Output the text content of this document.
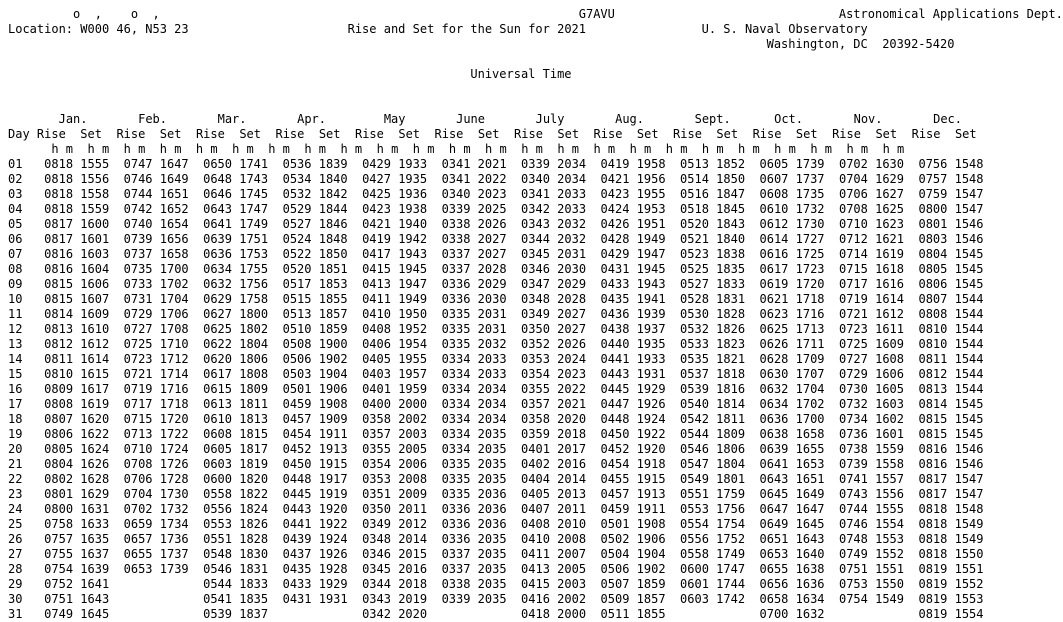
o  ,    o  ,	G7AVU	Astronomical Applications Dept.
Location: W000 46, N53 23	Rise and Set for the Sun for 2021	U. S. Naval Observatory
Washington, DC  20392-5420

Universal Time

Jan.	Feb.	Mar.	Apr.	May	June	July	Aug.	Sept.	Oct.	Nov.	Dec.
Day Rise Set Rise Set Rise Set Rise Set Rise Set Rise Set Rise Set Rise Set Rise Set Rise Set Rise Set Rise Set
h m h m h m h m h m h m h m h m h m h m h m h m h m h m h m h m h m h m h m h m h m h m h m h m
01 0818 1555 0747 1647 0650 1741 0536 1839 0429 1933 0341 2021 0339 2034 0419 1958 0513 1852 0605 1739 0702 1630 0756 1548
02 0818 1556 0746 1649 0648 1743 0534 1840 0427 1935 0341 2022 0340 2034 0421 1956 0514 1850 0607 1737 0704 1629 0757 1548
03 0818 1558 0744 1651 0646 1745 0532 1842 0425 1936 0340 2023 0341 2033 0423 1955 0516 1847 0608 1735 0706 1627 0759 1547
04 0818 1559 0742 1652 0643 1747 0529 1844 0423 1938 0339 2025 0342 2033 0424 1953 0518 1845 0610 1732 0708 1625 0800 1547
05 0817 1600 0740 1654 0641 1749 0527 1846 0421 1940 0338 2026 0343 2032 0426 1951 0520 1843 0612 1730 0710 1623 0801 1546
06 0817 1601 0739 1656 0639 1751 0524 1848 0419 1942 0338 2027 0344 2032 0428 1949 0521 1840 0614 1727 0712 1621 0803 1546
07 0816 1603 0737 1658 0636 1753 0522 1850 0417 1943 0337 2027 0345 2031 0429 1947 0523 1838 0616 1725 0714 1619 0804 1545
08 0816 1604 0735 1700 0634 1755 0520 1851 0415 1945 0337 2028 0346 2030 0431 1945 0525 1835 0617 1723 0715 1618 0805 1545
09 0815 1606 0733 1702 0632 1756 0517 1853 0413 1947 0336 2029 0347 2029 0433 1943 0527 1833 0619 1720 0717 1616 0806 1545
10 0815 1607 0731 1704 0629 1758 0515 1855 0411 1949 0336 2030 0348 2028 0435 1941 0528 1831 0621 1718 0719 1614 0807 1544
11 0814 1609 0729 1706 0627 1800 0513 1857 0410 1950 0335 2031 0349 2027 0436 1939 0530 1828 0623 1716 0721 1612 0808 1544
12 0813 1610 0727 1708 0625 1802 0510 1859 0408 1952 0335 2031 0350 2027 0438 1937 0532 1826 0625 1713 0723 1611 0810 1544
13 0812 1612 0725 1710 0622 1804 0508 1900 0406 1954 0335 2032 0352 2026 0440 1935 0533 1823 0626 1711 0725 1609 0810 1544
14 0811 1614 0723 1712 0620 1806 0506 1902 0405 1955 0334 2033 0353 2024 0441 1933 0535 1821 0628 1709 0727 1608 0811 1544
15 0810 1615 0721 1714 0617 1808 0503 1904 0403 1957 0334 2033 0354 2023 0443 1931 0537 1818 0630 1707 0729 1606 0812 1544
16 0809 1617 0719 1716 0615 1809 0501 1906 0401 1959 0334 2034 0355 2022 0445 1929 0539 1816 0632 1704 0730 1605 0813 1544
17 0808 1619 0717 1718 0613 1811 0459 1908 0400 2000 0334 2034 0357 2021 0447 1926 0540 1814 0634 1702 0732 1603 0814 1545
18 0807 1620 0715 1720 0610 1813 0457 1909 0358 2002 0334 2034 0358 2020 0448 1924 0542 1811 0636 1700 0734 1602 0815 1545
19 0806 1622 0713 1722 0608 1815 0454 1911 0357 2003 0334 2035 0359 2018 0450 1922 0544 1809 0638 1658 0736 1601 0815 1545
20 0805 1624 0710 1724 0605 1817 0452 1913 0355 2005 0334 2035 0401 2017 0452 1920 0546 1806 0639 1655 0738 1559 0816 1546
21 0804 1626 0708 1726 0603 1819 0450 1915 0354 2006 0335 2035 0402 2016 0454 1918 0547 1804 0641 1653 0739 1558 0816 1546
22 0802 1628 0706 1728 0600 1820 0448 1917 0353 2008 0335 2035 0404 2014 0455 1915 0549 1801 0643 1651 0741 1557 0817 1547
23 0801 1629 0704 1730 0558 1822 0445 1919 0351 2009 0335 2036 0405 2013 0457 1913 0551 1759 0645 1649 0743 1556 0817 1547
24 0800 1631 0702 1732 0556 1824 0443 1920 0350 2011 0336 2036 0407 2011 0459 1911 0553 1756 0647 1647 0744 1555 0818 1548
25 0758 1633 0659 1734 0553 1826 0441 1922 0349 2012 0336 2036 0408 2010 0501 1908 0554 1754 0649 1645 0746 1554 0818 1549
26 0757 1635 0657 1736 0551 1828 0439 1924 0348 2014 0336 2035 0410 2008 0502 1906 0556 1752 0651 1643 0748 1553 0818 1549
27 0755 1637 0655 1737 0548 1830 0437 1926 0346 2015 0337 2035 0411 2007 0504 1904 0558 1749 0653 1640 0749 1552 0818 1550
28 0754 1639 0653 1739 0546 1831 0435 1928 0345 2016 0337 2035 0413 2005 0506 1902 0600 1747 0655 1638 0751 1551 0819 1551
29 0752 1641	0544 1833 0433 1929 0344 2018 0338 2035 0415 2003 0507 1859 0601 1744 0656 1636 0753 1550 0819 1552
30 0751 1643	0541 1835 0431 1931 0343 2019 0339 2035 0416 2002 0509 1857 0603 1742 0658 1634 0754 1549 0819 1553
31 0749 1645	0539 1837	0342 2020	0418 2000 0511 1855	0700 1632	0819 1554
